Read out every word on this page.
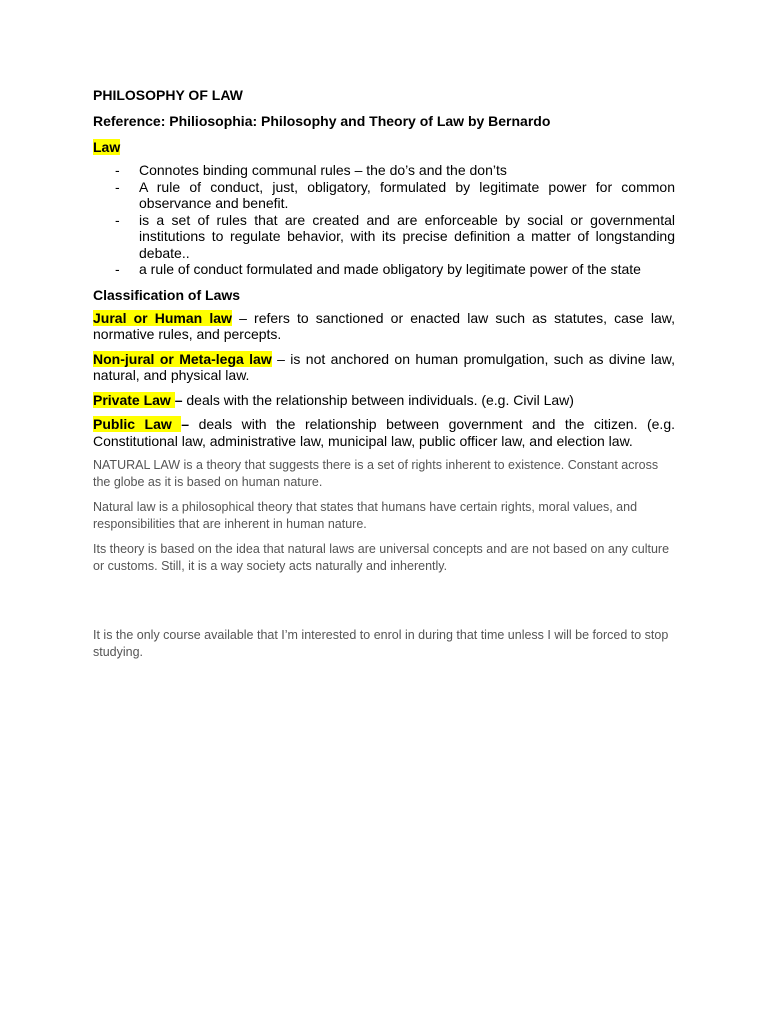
PHILOSOPHY OF LAW
Reference: Philiosophia: Philosophy and Theory of Law by Bernardo
Law
- Connotes binding communal rules – the do’s and the don’ts
- A rule of conduct, just, obligatory, formulated by legitimate power for common observance and benefit.
- is a set of rules that are created and are enforceable by social or governmental institutions to regulate behavior, with its precise definition a matter of longstanding debate..
- a rule of conduct formulated and made obligatory by legitimate power of the state
Classification of Laws

Jural or Human law – refers to sanctioned or enacted law such as statutes, case law, normative rules, and percepts.

Non-jural or Meta-lega law – is not anchored on human promulgation, such as divine law, natural, and physical law.

Private Law – deals with the relationship between individuals. (e.g. Civil Law)

Public Law – deals with the relationship between government and the citizen. (e.g. Constitutional law, administrative law, municipal law, public officer law, and election law.

NATURAL LAW is a theory that suggests there is a set of rights inherent to existence. Constant across the globe as it is based on human nature.

Natural law is a philosophical theory that states that humans have certain rights, moral values, and responsibilities that are inherent in human nature.

Its theory is based on the idea that natural laws are universal concepts and are not based on any culture or customs. Still, it is a way society acts naturally and inherently.

It is the only course available that I’m interested to enrol in during that time unless I will be forced to stop studying.
